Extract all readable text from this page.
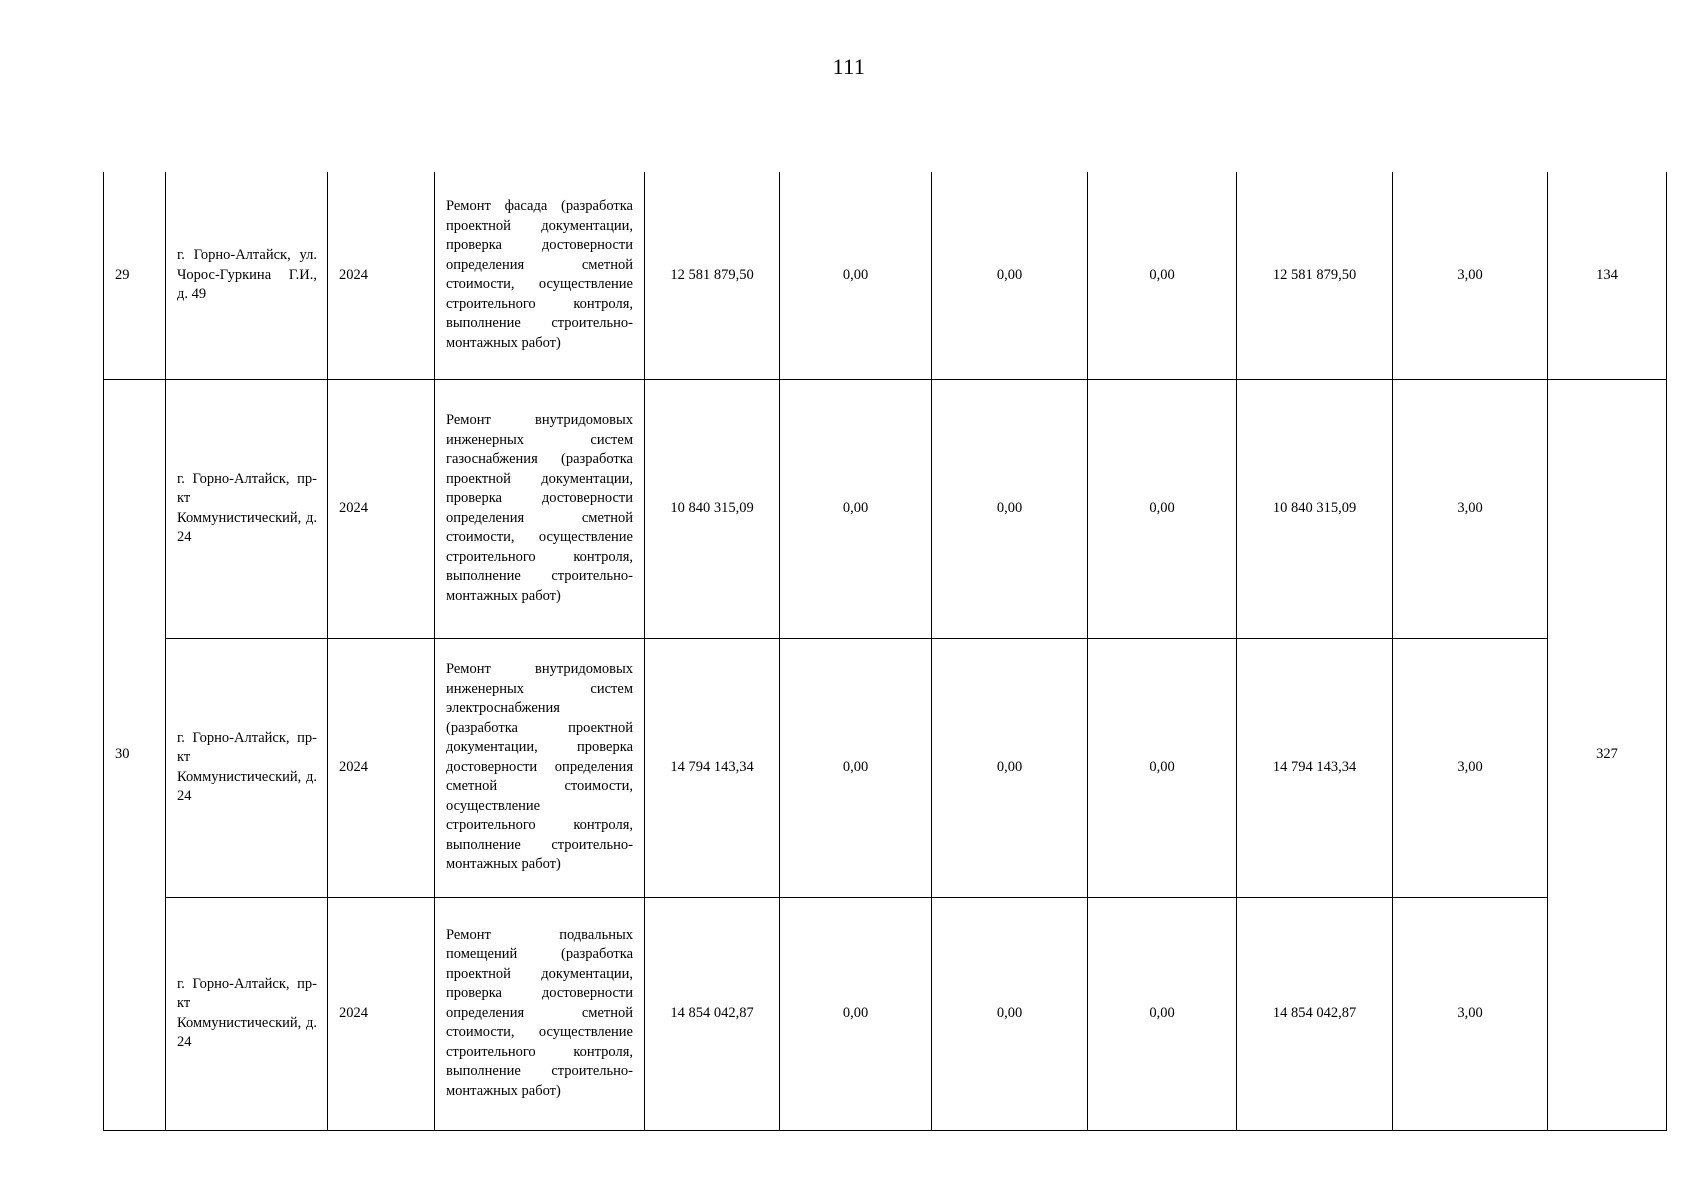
111
29	г. Горно-Алтайск, ул. Чорос-Гуркина Г.И., д. 49	2024	Ремонт фасада (разработка проектной документации, проверка достоверности определения сметной стоимости, осуществление строительного контроля, выполнение строительно-монтажных работ)	12 581 879,50	0,00	0,00	0,00	12 581 879,50	3,00	134
30	г. Горно-Алтайск, пр-кт Коммунистический, д. 24	2024	Ремонт внутридомовых инженерных систем газоснабжения (разработка проектной документации, проверка достоверности определения сметной стоимости, осуществление строительного контроля, выполнение строительно-монтажных работ)	10 840 315,09	0,00	0,00	0,00	10 840 315,09	3,00	327
	г. Горно-Алтайск, пр-кт Коммунистический, д. 24	2024	Ремонт внутридомовых инженерных систем электроснабжения (разработка проектной документации, проверка достоверности определения сметной стоимости, осуществление строительного контроля, выполнение строительно-монтажных работ)	14 794 143,34	0,00	0,00	0,00	14 794 143,34	3,00	
	г. Горно-Алтайск, пр-кт Коммунистический, д. 24	2024	Ремонт подвальных помещений (разработка проектной документации, проверка достоверности определения сметной стоимости, осуществление строительного контроля, выполнение строительно-монтажных работ)	14 854 042,87	0,00	0,00	0,00	14 854 042,87	3,00	
